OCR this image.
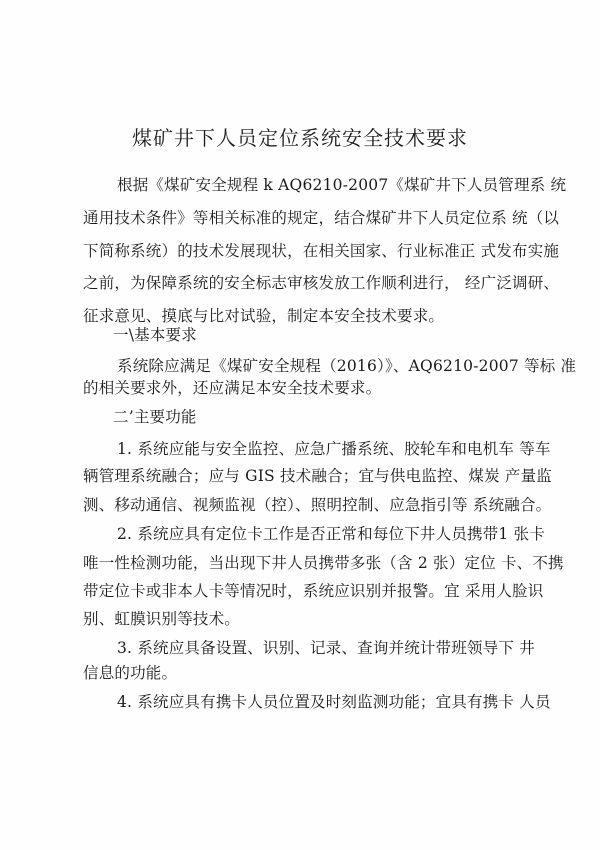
煤矿井下人员定位系统安全技术要求
根据《煤矿安全规程 k AQ6210-2007《煤矿井下人员管理系 统
通用技术条件》等相关标准的规定，结合煤矿井下人员定位系 统（以
下简称系统）的技术发展现状，在相关国家、行业标准正 式发布实施
之前，为保障系统的安全标志审核发放工作顺利进行， 经广泛调研、
征求意见、摸底与比对试验，制定本安全技术要求。
一\基本要求
系统除应满足《煤矿安全规程（2016）》、AQ6210-2007 等标 准
的相关要求外，还应满足本安全技术要求。
二’主要功能
1. 系统应能与安全监控、应急广播系统、胶轮车和电机车 等车
辆管理系统融合；应与 GIS 技术融合；宜与供电监控、煤炭 产量监
测、移动通信、视频监视（控）、照明控制、应急指引等 系统融合。
2. 系统应具有定位卡工作是否正常和每位下井人员携带1 张卡
唯一性检测功能，当出现下井人员携带多张（含 2 张）定位 卡、不携
带定位卡或非本人卡等情况时，系统应识别并报警。宜 采用人脸识
别、虹膜识别等技术。
3. 系统应具备设置、识别、记录、查询并统计带班领导下 井
信息的功能。
4. 系统应具有携卡人员位置及时刻监测功能；宜具有携卡 人员
